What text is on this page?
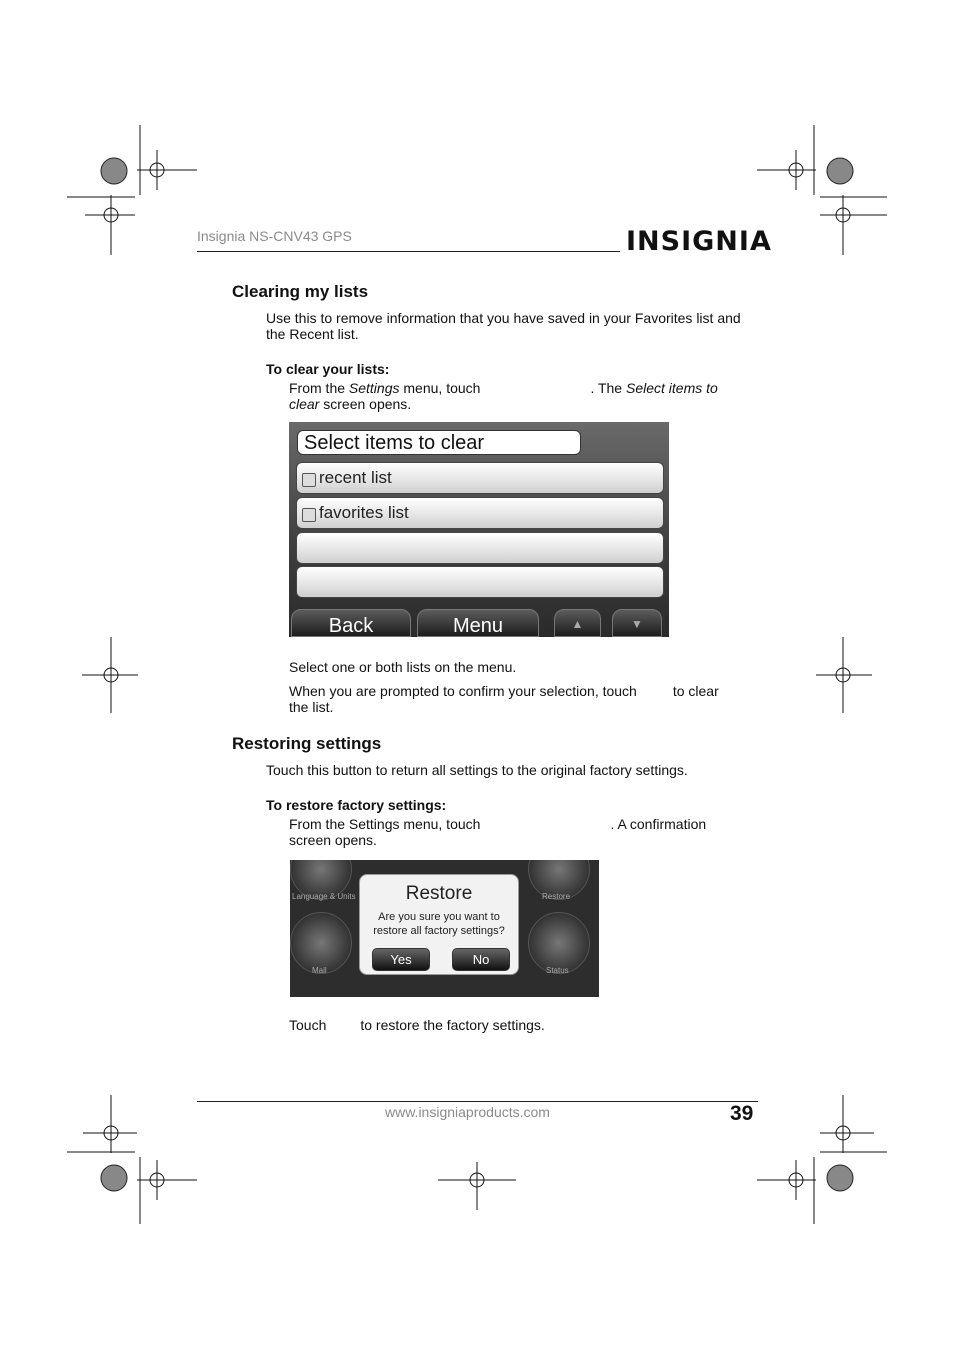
Insignia NS-CNV43 GPS	INSIGNIA
Clearing my lists
Use this to remove information that you have saved in your Favorites list and the Recent list.
To clear your lists:
From the Settings menu, touch	. The Select items to
clear screen opens.
Select items to clear
recent list
favorites list
Back	Menu	▲	▼
Select one or both lists on the menu.
When you are prompted to confirm your selection, touch	to clear
the list.
Restoring settings
Touch this button to return all settings to the original factory settings.
To restore factory settings:
From the Settings menu, touch	. A confirmation
screen opens.
Language & Units	Restore
Mail	Status
Restore
Are you sure you want to
restore all factory settings?
Yes	No
Touch to restore the factory settings.
www.insigniaproducts.com	39
